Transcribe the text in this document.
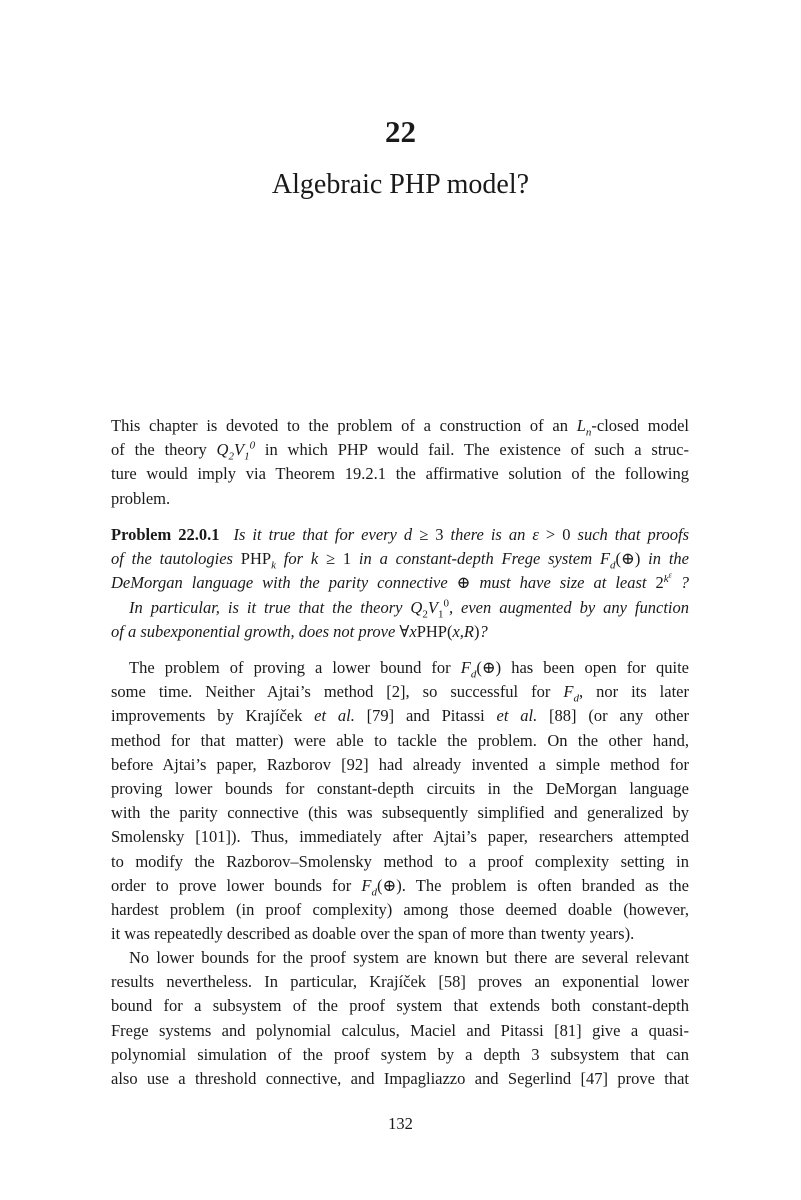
22
Algebraic PHP model?
This chapter is devoted to the problem of a construction of an $L_n$-closed model
of the theory $Q_2V_1^0$ in which PHP would fail. The existence of such a struc-
ture would imply via Theorem 19.2.1 the affirmative solution of the following
problem.
Problem 22.0.1 Is it true that for every d ≥ 3 there is an ε > 0 such that proofs
of the tautologies $PHP_k$ for k ≥ 1 in a constant-depth Frege system $F_d(\oplus)$ in the
DeMorgan language with the parity connective ⊕ must have size at least $2^{k^\varepsilon}$ ?
In particular, is it true that the theory $Q_2V_1^0$, even augmented by any function
of a subexponential growth, does not prove ∀xPHP(x,R)?
The problem of proving a lower bound for $F_d(\oplus)$ has been open for quite
some time. Neither Ajtai’s method [2], so successful for $F_d$, nor its later
improvements by Krajíček et al. [79] and Pitassi et al. [88] (or any other
method for that matter) were able to tackle the problem. On the other hand,
before Ajtai’s paper, Razborov [92] had already invented a simple method for
proving lower bounds for constant-depth circuits in the DeMorgan language
with the parity connective (this was subsequently simplified and generalized by
Smolensky [101]). Thus, immediately after Ajtai’s paper, researchers attempted
to modify the Razborov–Smolensky method to a proof complexity setting in
order to prove lower bounds for $F_d(\oplus)$. The problem is often branded as the
hardest problem (in proof complexity) among those deemed doable (however,
it was repeatedly described as doable over the span of more than twenty years).
No lower bounds for the proof system are known but there are several relevant
results nevertheless. In particular, Krajíček [58] proves an exponential lower
bound for a subsystem of the proof system that extends both constant-depth
Frege systems and polynomial calculus, Maciel and Pitassi [81] give a quasi-
polynomial simulation of the proof system by a depth 3 subsystem that can
also use a threshold connective, and Impagliazzo and Segerlind [47] prove that
132
